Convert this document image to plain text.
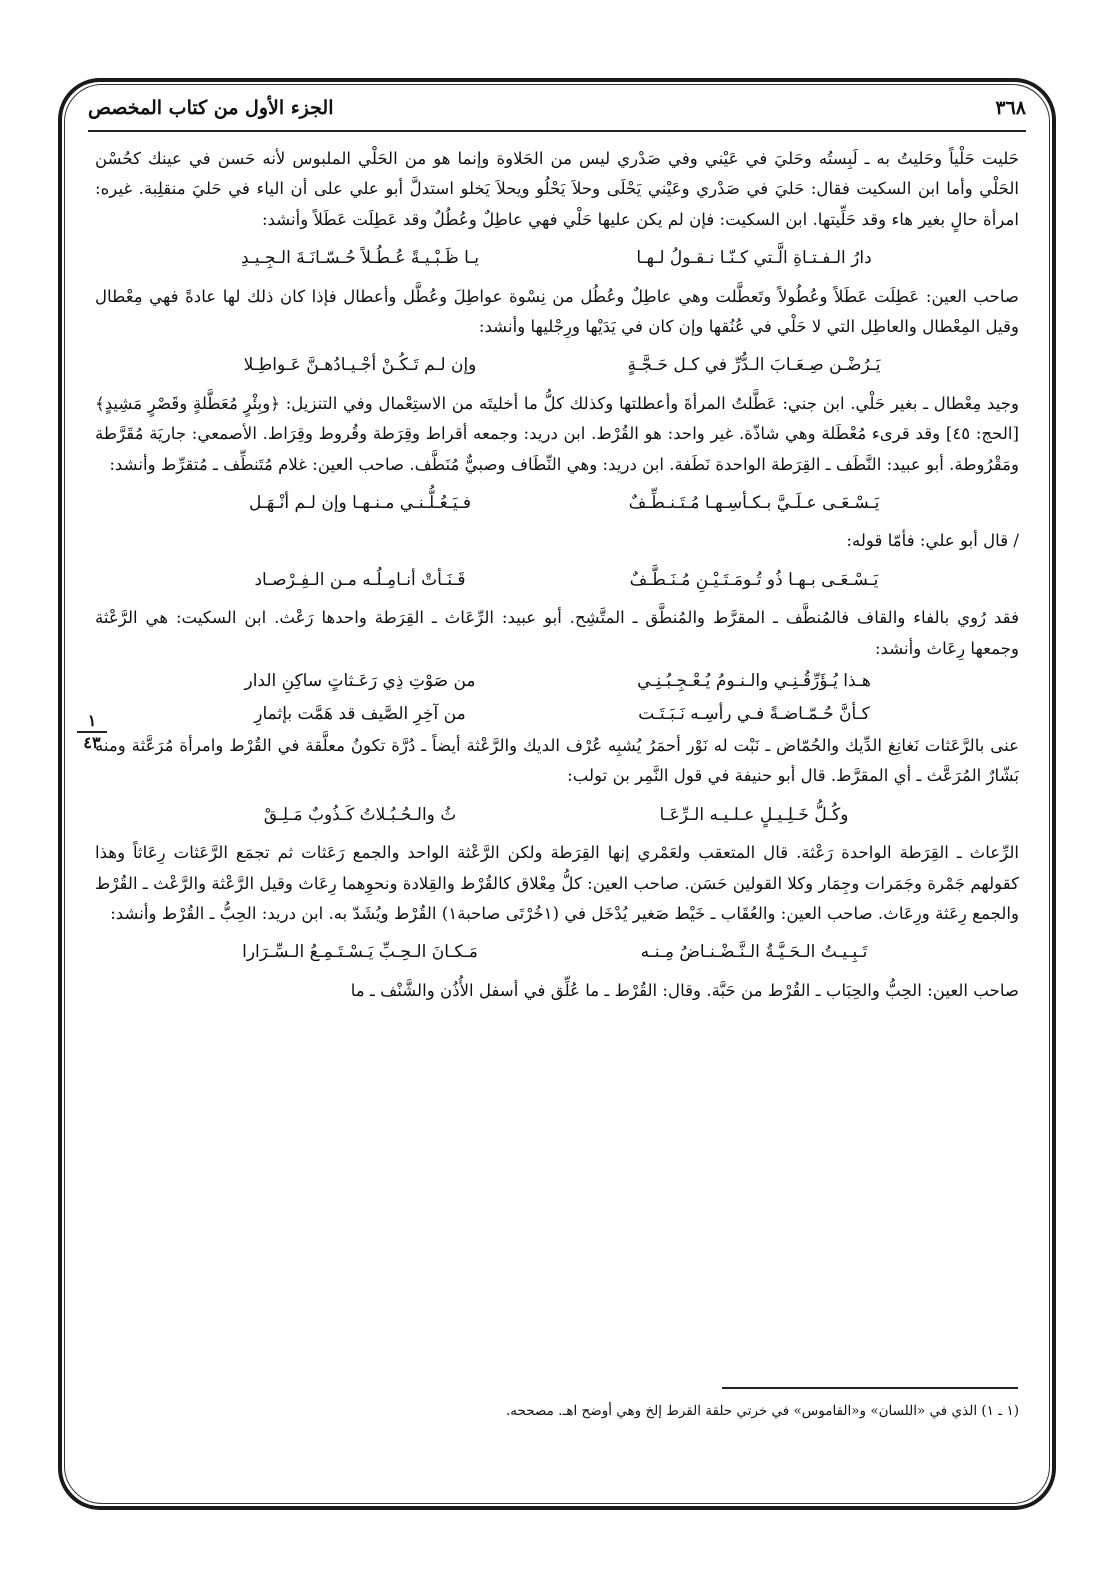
٣٦٨
الجزء الأول من كتاب المخصص
١
٤٣

حَليت حَلْياً وحَليتُ به ـ لَبِستُه وحَليَ في عَيْني وفي صَدْري ليس من الحَلاوة وإنما هو من الحَلْي الملبوس لأنه حَسن في عينك كحُسْن الحَلْي وأما ابن السكيت فقال: حَليَ في صَدْري وعَيْني يَحْلَى وحلاَ يَحْلُو ويحلاَ يَخلو استدلَّ أبو علي على أن الياء في حَليَ منقلِبة. غيره: امرأة حالٍ بغير هاء وقد حَلِّيتها. ابن السكيت: فإن لم يكن عليها حَلْي فهي عاطِلٌ وعُطُلٌ وقد عَطِلَت عَطَلاً وأنشد:

دارُ الـفـتـاةِ الَّـتي كـنّـا نـقـولُ لـهـا
يـا ظَـبْـيـةً عُـطُـلاً حُـسّـانَـةَ الـجِـيـدِ

صاحب العين: عَطِلَت عَطَلاً وعُطُولاً وتَعطَّلت وهي عاطِلٌ وعُطُل من نِسْوة عواطِلَ وعُطَّل وأعطال فإذا كان ذلك لها عادةً فهي مِعْطال وقيل المِعْطال والعاطِل التي لا حَلْي في عُنُقها وإن كان في يَدَيْها ورِجْليها وأنشد:

يَـرُضْـن صِـعَـابَ الـدُّرِّ في كـل حَـجَّـةٍ
وإن لـم تَـكُـنْ أجْـيـادُهـنَّ عَـواطِـلا

وجيد مِعْطال ـ بغير حَلْي. ابن جني: عَطَّلتُ المرأةَ وأعطلتها وكذلك كلُّ ما أخليتَه من الاستِعْمال وفي التنزيل: ﴿وبِئْرٍ مُعَطَّلةٍ وقَصْرٍ مَشِيدٍ﴾ [الحج: ٤٥] وقد قرىء مُعْطَلة وهي شاذّة. غير واحد: هو القُرْط. ابن دريد: وجمعه أقراط وقِرَطة وقُروط وقِرَاط. الأصمعي: جاريَة مُقَرَّطة ومَقْرُوطة. أبو عبيد: النَّطَف ـ القِرَطة الواحدة نَطَفة. ابن دريد: وهي النِّطَاف وصبيٌّ مُنَطَّف. صاحب العين: غلام مُتَنطِّف ـ مُتقرِّط وأنشد:

يَـسْـعَـى عـلَـيَّ بـكـأسِـهـا مُـتَـنـطِّـفٌ
فـيَـعُـلُّـنـي مـنـهـا وإن لـم أنْـهَـل

/ قال أبو علي: فأمّا قوله:

يَـسْـعَـى بـهـا ذُو تُـومَـتَـيْـنِ مُـنَـطَّـفٌ
قَـنَـأتْ أنـامِـلُـه مـن الـفِـرْصـاد

فقد رُوي بالفاء والقاف فالمُنطَّف ـ المقرَّط والمُنطَّق ـ المتَّشِح. أبو عبيد: الرِّعَاث ـ القِرَطة واحدها رَعْث. ابن السكيت: هي الرَّعْثة وجمعها رِعَاث وأنشد:

هـذا يُـؤَرِّقُـنِـي والـنـومُ يُـعْـجِـبُـنِـي
من صَوْتِ ذِي رَعَـثاتٍ ساكِنِ الدار
كـأنَّ حُـمّـاضـةً فـي رأسِـه نَـبَـتَـت
من آخِرِ الصَّيف قد هَمَّت بإثمارِ

عنى بالرَّعَثات نَغانِغ الدِّيك والحُمّاض ـ نَبْت له نَوْر أحمَرُ يُشبِه عُرْف الديك والرَّعْثة أيضاً ـ دُرَّة تكونُ معلَّقة في القُرْط وامرأة مُرَعَّثة ومنه بَشّارٌ المُرَعَّث ـ أي المقرَّط. قال أبو حنيفة في قول النَّمِر بن تولب:

وكُـلُّ خَـلِـيـلٍ عـلـيـه الـرِّعَـا
ثُ والـحُـبُـلاتُ كَـذُوبٌ مَـلِـقْ

الرِّعاث ـ القِرَطة الواحدة رَعْثة. قال المتعقب ولعَمْري إنها القِرَطة ولكن الرَّعْثة الواحد والجمع رَعَثات ثم تجمَع الرَّعَثات رِعَاثاً وهذا كقولهم جَمْرة وجَمَرات وجِمَار وكلا القولين حَسَن. صاحب العين: كلُّ مِعْلاق كالقُرْط والقِلادة ونحوِهما رِعَاث وقيل الرَّعْثة والرَّعْث ـ القُرْط والجمع رِعَثة ورِعَاث. صاحب العين: والعُقَاب ـ خَيْط صَغير يُدْخَل في (١خُرْتَى صاحبة١) القُرْط ويُشَدّ به. ابن دريد: الحِبُّ ـ القُرْط وأنشد:

تَـبِـيـتُ الـحَـيَّـةُ الـنَّـضْـنـاضُ مِـنـه
مَـكـانَ الـحِـبِّ يَـسْـتَـمِـعُ الـسِّـرَارا

صاحب العين: الحِبُّ والحِبَاب ـ القُرْط من حَبَّة. وقال: القُرْط ـ ما عُلِّق في أسفل الأُذُن والشَّنْف ـ ما

(١ ـ ١) الذي في «اللسان» و«القاموس» في خرتي حلقة القرط إلخ وهي أوضح اهـ. مصححه.
